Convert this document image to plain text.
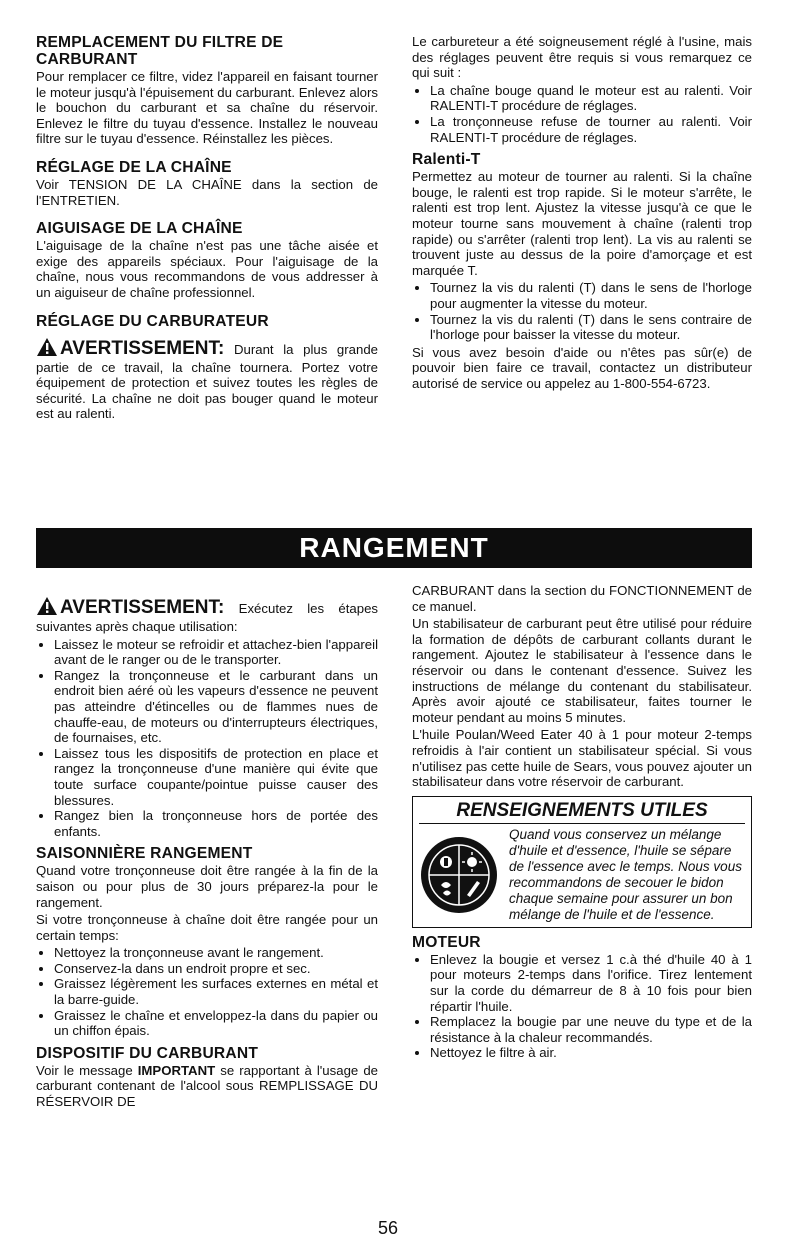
REMPLACEMENT DU FILTRE DE CARBURANT

Pour remplacer ce filtre, videz l'appareil en faisant tourner le moteur jusqu'à l'épuisement du carburant. Enlevez alors le bouchon du carburant et sa chaîne du réservoir. Enlevez le filtre du tuyau d'essence. Installez le nouveau filtre sur le tuyau d'essence. Réinstallez les pièces.

RÉGLAGE DE LA CHAÎNE

Voir TENSION DE LA CHAÎNE dans la section de l'ENTRETIEN.

AIGUISAGE DE LA CHAÎNE

L'aiguisage de la chaîne n'est pas une tâche aisée et exige des appareils spéciaux. Pour l'aiguisage de la chaîne, nous vous recommandons de vous addresser à un aiguiseur de chaîne professionnel.

RÉGLAGE DU CARBURATEUR

AVERTISSEMENT: Durant la plus grande partie de ce travail, la chaîne tournera. Portez votre équipement de protection et suivez toutes les règles de sécurité. La chaîne ne doit pas bouger quand le moteur est au ralenti.

Le carbureteur a été soigneusement réglé à l'usine, mais des réglages peuvent être requis si vous remarquez ce qui suit :

• La chaîne bouge quand le moteur est au ralenti. Voir RALENTI-T procédure de réglages.
• La tronçonneuse refuse de tourner au ralenti. Voir RALENTI-T procédure de réglages.
Ralenti-T

Permettez au moteur de tourner au ralenti. Si la chaîne bouge, le ralenti est trop rapide. Si le moteur s'arrête, le ralenti est trop lent. Ajustez la vitesse jusqu'à ce que le moteur tourne sans mouvement à chaîne (ralenti trop rapide) ou s'arrêter (ralenti trop lent). La vis au ralenti se trouvent juste au dessus de la poire d'amorçage et est marquée T.

• Tournez la vis du ralenti (T) dans le sens de l'horloge pour augmenter la vitesse du moteur.
• Tournez la vis du ralenti (T) dans le sens contraire de l'horloge pour baisser la vitesse du moteur.

Si vous avez besoin d'aide ou n'êtes pas sûr(e) de pouvoir bien faire ce travail, contactez un distributeur autorisé de service ou appelez au 1-800-554-6723.

RANGEMENT

AVERTISSEMENT: Exécutez les étapes suivantes après chaque utilisation:

• Laissez le moteur se refroidir et attachez-bien l'appareil avant de le ranger ou de le transporter.
• Rangez la tronçonneuse et le carburant dans un endroit bien aéré où les vapeurs d'essence ne peuvent pas atteindre d'étincelles ou de flammes nues de chauffe-eau, de moteurs ou d'interrupteurs électriques, de fournaises, etc.
• Laissez tous les dispositifs de protection en place et rangez la tronçonneuse d'une manière qui évite que toute surface coupante/pointue puisse causer des blessures.
• Rangez bien la tronçonneuse hors de portée des enfants.
SAISONNIÈRE RANGEMENT

Quand votre tronçonneuse doit être rangée à la fin de la saison ou pour plus de 30 jours préparez-la pour le rangement.

Si votre tronçonneuse à chaîne doit être rangée pour un certain temps:

• Nettoyez la tronçonneuse avant le rangement.
• Conservez-la dans un endroit propre et sec.
• Graissez légèrement les surfaces externes en métal et la barre-guide.
• Graissez le chaîne et enveloppez-la dans du papier ou un chiffon épais.
DISPOSITIF DU CARBURANT

Voir le message IMPORTANT se rapportant à l'usage de carburant contenant de l'alcool sous REMPLISSAGE DU RÉSERVOIR DE

CARBURANT dans la section du FONCTIONNEMENT de ce manuel.

Un stabilisateur de carburant peut être utilisé pour réduire la formation de dépôts de carburant collants durant le rangement. Ajoutez le stabilisateur à l'essence dans le réservoir ou dans le contenant d'essence. Suivez les instructions de mélange du contenant du stabilisateur. Après avoir ajouté ce stabilisateur, faites tourner le moteur pendant au moins 5 minutes.

L'huile Poulan/Weed Eater 40 à 1 pour moteur 2-temps refroidis à l'air contient un stabilisateur spécial. Si vous n'utilisez pas cette huile de Sears, vous pouvez ajouter un stabilisateur dans votre réservoir de carburant.

RENSEIGNEMENTS UTILES
Quand vous conservez un mélange d'huile et d'essence, l'huile se sépare de l'essence avec le temps. Nous vous recommandons de secouer le bidon chaque semaine pour assurer un bon mélange de l'huile et de l'essence.
MOTEUR
• Enlevez la bougie et versez 1 c.à thé d'huile 40 à 1 pour moteurs 2-temps dans l'orifice. Tirez lentement sur la corde du démarreur de 8 à 10 fois pour bien répartir l'huile.
• Remplacez la bougie par une neuve du type et de la résistance à la chaleur recommandés.
• Nettoyez le filtre à air.
56
